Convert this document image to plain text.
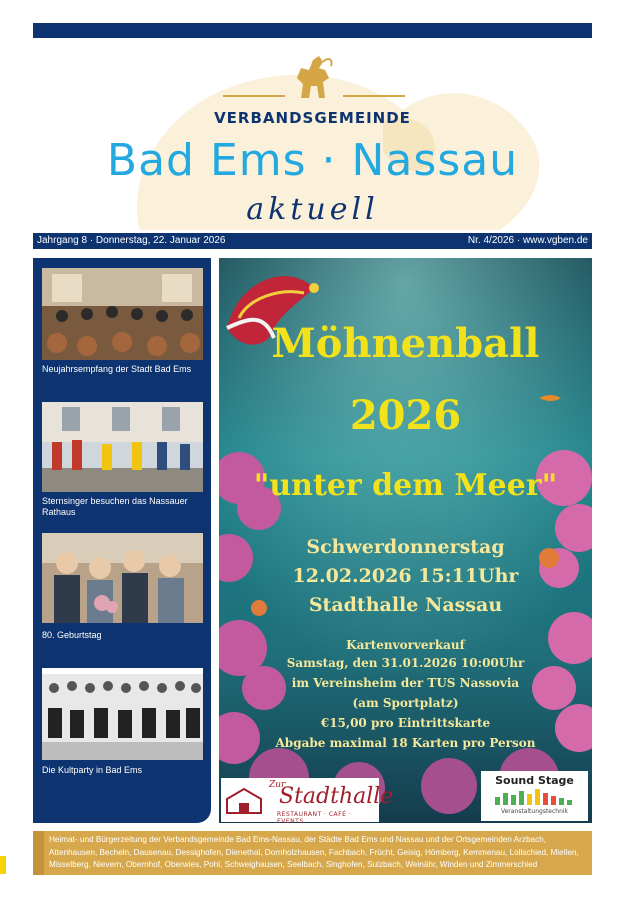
VERBANDSGEMEINDE
Bad Ems · Nassau
aktuell
Jahrgang 8 · Donnerstag, 22. Januar 2026	Nr. 4/2026 · www.vgben.de
Neujahrsempfang der Stadt Bad Ems
Sternsinger besuchen das Nassauer Rathaus
80. Geburtstag
Die Kultparty in Bad Ems
Möhnenball
2026
"unter dem Meer"
Schwerdonnerstag
12.02.2026 15:11Uhr
Stadthalle Nassau
Kartenvorverkauf
Samstag, den 31.01.2026 10:00Uhr
im Vereinsheim der TUS Nassovia
(am Sportplatz)
€15,00 pro Eintrittskarte
Abgabe maximal 18 Karten pro Person
Zur
Stadthalle
RESTAURANT · CAFÉ · EVENTS
Sound Stage
Veranstaltungstechnik
Nassau
Heimat- und Bürgerzeitung der Verbandsgemeinde Bad Ems-Nassau, der Städte Bad Ems und Nassau und der Ortsgemeinden Arzbach, Attenhausen, Becheln, Dausenau, Dessighofen, Dienethal, Dornholzhausen, Fachbach, Frücht, Geisig, Hömberg, Kemmenau, Lollschied, Miellen, Misselberg, Nievern, Obernhof, Oberwies, Pohl, Schweighausen, Seelbach, Singhofen, Sulzbach, Weinähr, Winden und Zimmerschied
